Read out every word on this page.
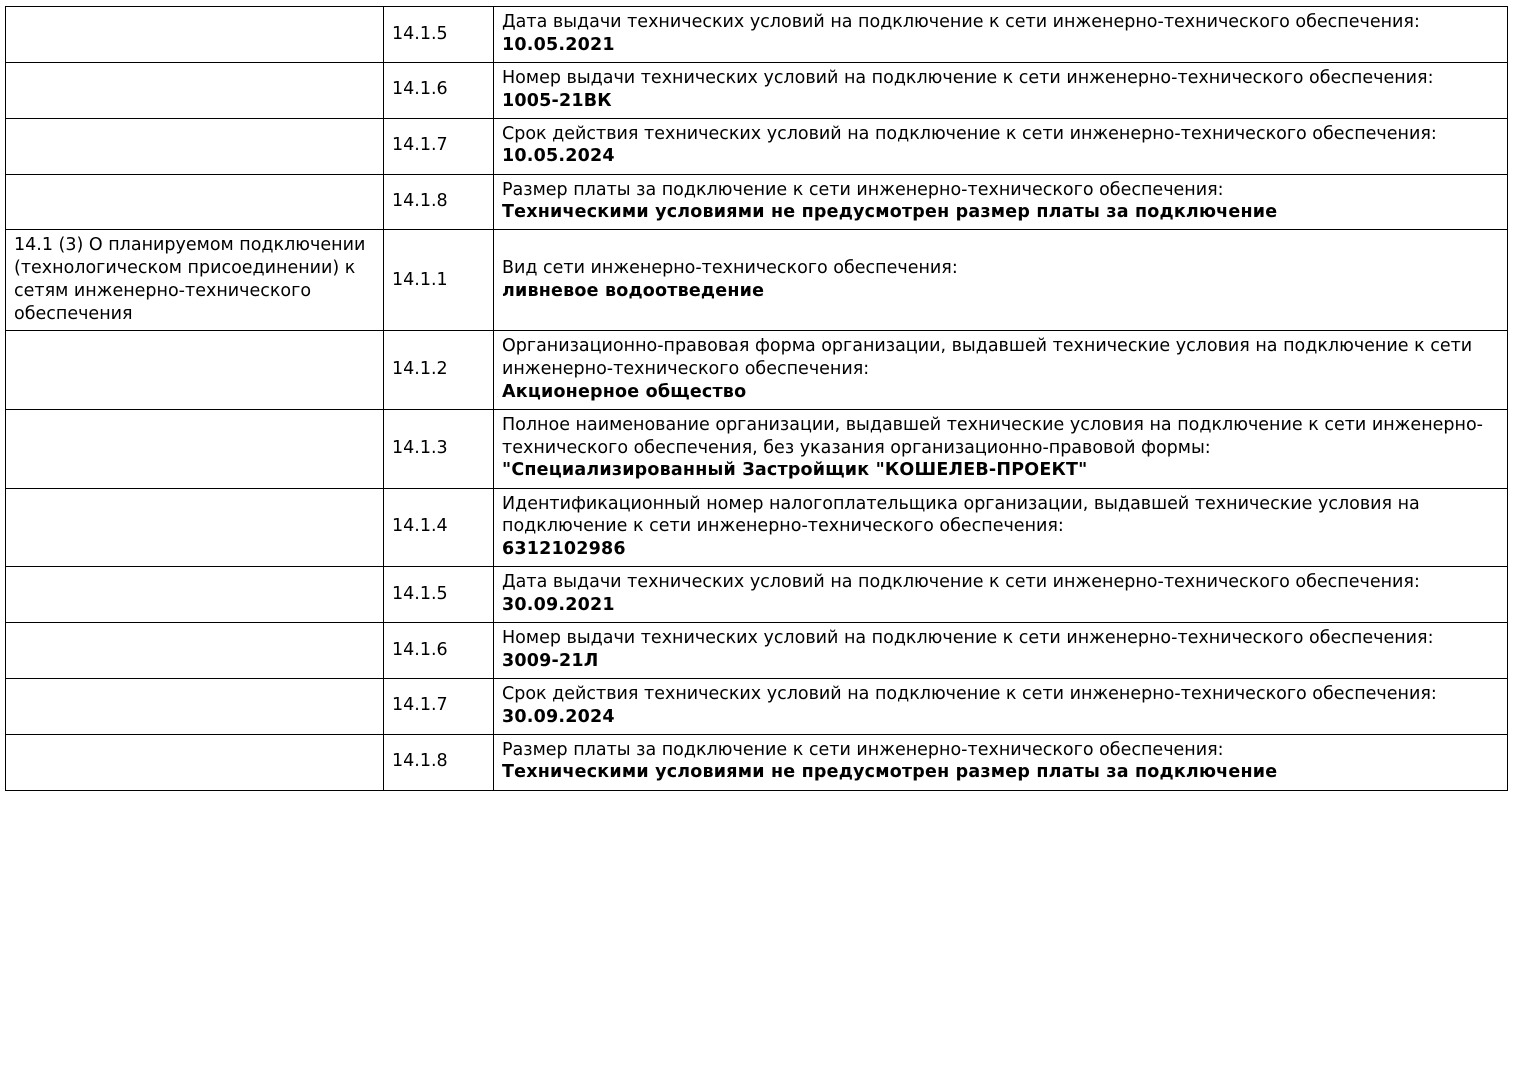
	14.1.5	Дата выдачи технических условий на подключение к сети инженерно-технического обеспечения:
10.05.2021

	14.1.6	Номер выдачи технических условий на подключение к сети инженерно-технического обеспечения:
1005-21ВК

	14.1.7	Срок действия технических условий на подключение к сети инженерно-технического обеспечения:
10.05.2024

	14.1.8	Размер платы за подключение к сети инженерно-технического обеспечения:
Техническими условиями не предусмотрен размер платы за подключение

14.1 (3) О планируемом подключении (технологическом присоединении) к сетям инженерно-технического обеспечения	14.1.1	Вид сети инженерно-технического обеспечения:
ливневое водоотведение

	14.1.2	Организационно-правовая форма организации, выдавшей технические условия на подключение к сети инженерно-технического обеспечения:
Акционерное общество

	14.1.3	Полное наименование организации, выдавшей технические условия на подключение к сети инженерно-технического обеспечения, без указания организационно-правовой формы:
"Специализированный Застройщик "КОШЕЛЕВ-ПРОЕКТ"

	14.1.4	Идентификационный номер налогоплательщика организации, выдавшей технические условия на подключение к сети инженерно-технического обеспечения:
6312102986

	14.1.5	Дата выдачи технических условий на подключение к сети инженерно-технического обеспечения:
30.09.2021

	14.1.6	Номер выдачи технических условий на подключение к сети инженерно-технического обеспечения:
3009-21Л

	14.1.7	Срок действия технических условий на подключение к сети инженерно-технического обеспечения:
30.09.2024

	14.1.8	Размер платы за подключение к сети инженерно-технического обеспечения:
Техническими условиями не предусмотрен размер платы за подключение
